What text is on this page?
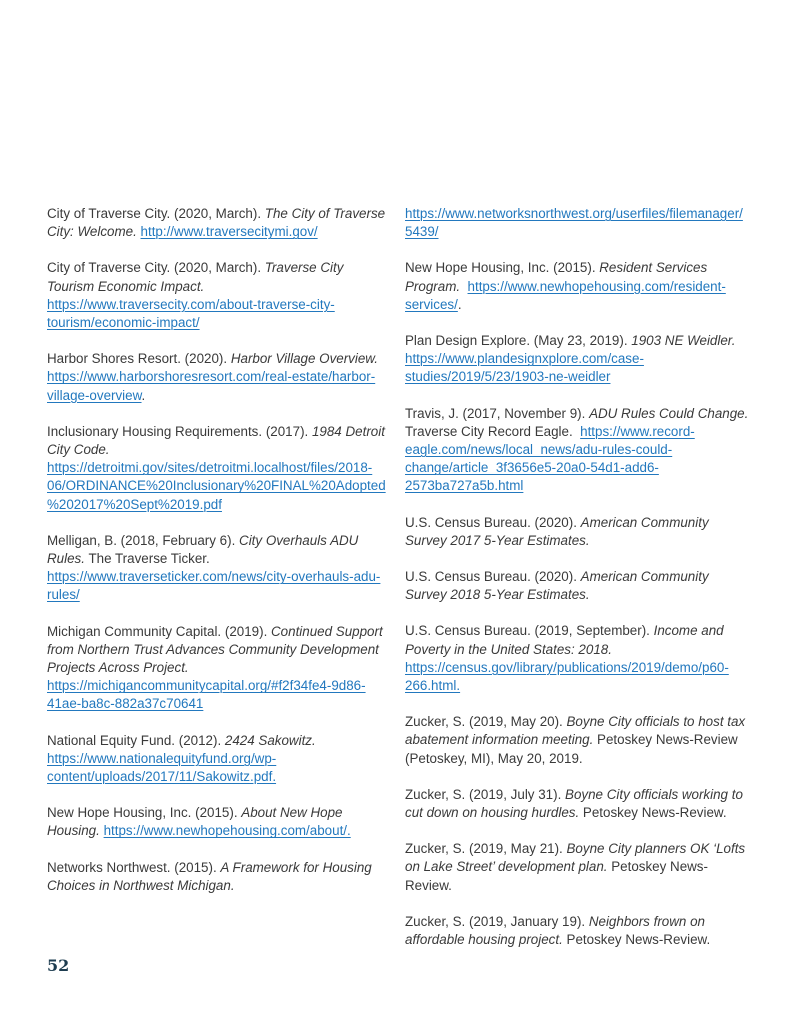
City of Traverse City. (2020, March). The City of Traverse City: Welcome. http://www.traversecitymi.gov/

City of Traverse City. (2020, March). Traverse City Tourism Economic Impact. https://www.traversecity.com/about-traverse-city-tourism/economic-impact/

Harbor Shores Resort. (2020). Harbor Village Overview. https://www.harborshoresresort.com/real-estate/harbor-village-overview.

Inclusionary Housing Requirements. (2017). 1984 Detroit City Code. https://detroitmi.gov/sites/detroitmi.localhost/files/2018-06/ORDINANCE%20Inclusionary%20FINAL%20Adopted%202017%20Sept%2019.pdf

Melligan, B. (2018, February 6). City Overhauls ADU Rules. The Traverse Ticker.  https://www.traverseticker.com/news/city-overhauls-adu-rules/

Michigan Community Capital. (2019). Continued Support from Northern Trust Advances Community Development Projects Across Project. https://michigancommunitycapital.org/#f2f34fe4-9d86-41ae-ba8c-882a37c70641

National Equity Fund. (2012). 2424 Sakowitz. https://www.nationalequityfund.org/wp-content/uploads/2017/11/Sakowitz.pdf.

New Hope Housing, Inc. (2015). About New Hope Housing. https://www.newhopehousing.com/about/.

Networks Northwest. (2015). A Framework for Housing Choices in Northwest Michigan.

https://www.networksnorthwest.org/userfiles/filemanager/5439/

New Hope Housing, Inc. (2015). Resident Services Program. https://www.newhopehousing.com/resident-services/.

Plan Design Explore. (May 23, 2019). 1903 NE Weidler. https://www.plandesignxplore.com/case-studies/2019/5/23/1903-ne-weidler

Travis, J. (2017, November 9). ADU Rules Could Change. Traverse City Record Eagle.  https://www.record-eagle.com/news/local_news/adu-rules-could-change/article_3f3656e5-20a0-54d1-add6-2573ba727a5b.html

U.S. Census Bureau. (2020). American Community Survey 2017 5-Year Estimates.

U.S. Census Bureau. (2020). American Community Survey 2018 5-Year Estimates.

U.S. Census Bureau. (2019, September). Income and Poverty in the United States: 2018. https://census.gov/library/publications/2019/demo/p60-266.html.

Zucker, S. (2019, May 20). Boyne City officials to host tax abatement information meeting. Petoskey News-Review (Petoskey, MI), May 20, 2019.

Zucker, S. (2019, July 31). Boyne City officials working to cut down on housing hurdles. Petoskey News-Review.

Zucker, S. (2019, May 21). Boyne City planners OK ‘Lofts on Lake Street’ development plan. Petoskey News-Review.

Zucker, S. (2019, January 19). Neighbors frown on affordable housing project. Petoskey News-Review.

52
